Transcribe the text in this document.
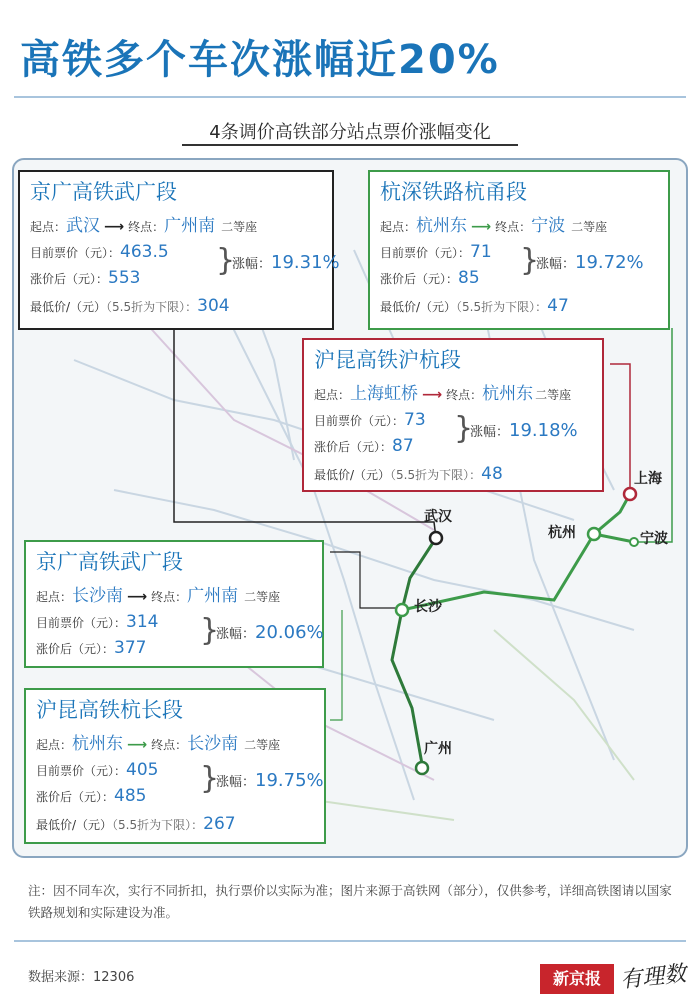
高铁多个车次涨幅近20%
4条调价高铁部分站点票价涨幅变化
武汉
长沙
广州
杭州	宁波
上海
京广高铁武广段
起点：武汉 ⟶ 终点：广州南 二等座
目前票价（元）：463.5
涨价后（元）：553	}
涨幅：19.31%
最低价/（元）（5.5折为下限）：304
杭深铁路杭甬段
起点：杭州东 ⟶ 终点：宁波 二等座
目前票价（元）：71
涨价后（元）：85	}
涨幅：19.72%
最低价/（元）（5.5折为下限）：47
沪昆高铁沪杭段
起点：上海虹桥 ⟶ 终点：杭州东 二等座
目前票价（元）：73
涨价后（元）：87	}
涨幅：19.18%
最低价/（元）（5.5折为下限）：48
京广高铁武广段
起点：长沙南 ⟶ 终点：广州南 二等座
目前票价（元）：314
涨价后（元）：377	}
涨幅：20.06%
沪昆高铁杭长段
起点：杭州东 ⟶ 终点：长沙南 二等座
目前票价（元）：405
涨价后（元）：485	}
涨幅：19.75%
最低价/（元）（5.5折为下限）：267
注：因不同车次，实行不同折扣，执行票价以实际为准；图片来源于高铁网（部分），仅供参考，详细高铁图请以国家铁路规划和实际建设为准。
数据来源：12306	新京报 有理数
